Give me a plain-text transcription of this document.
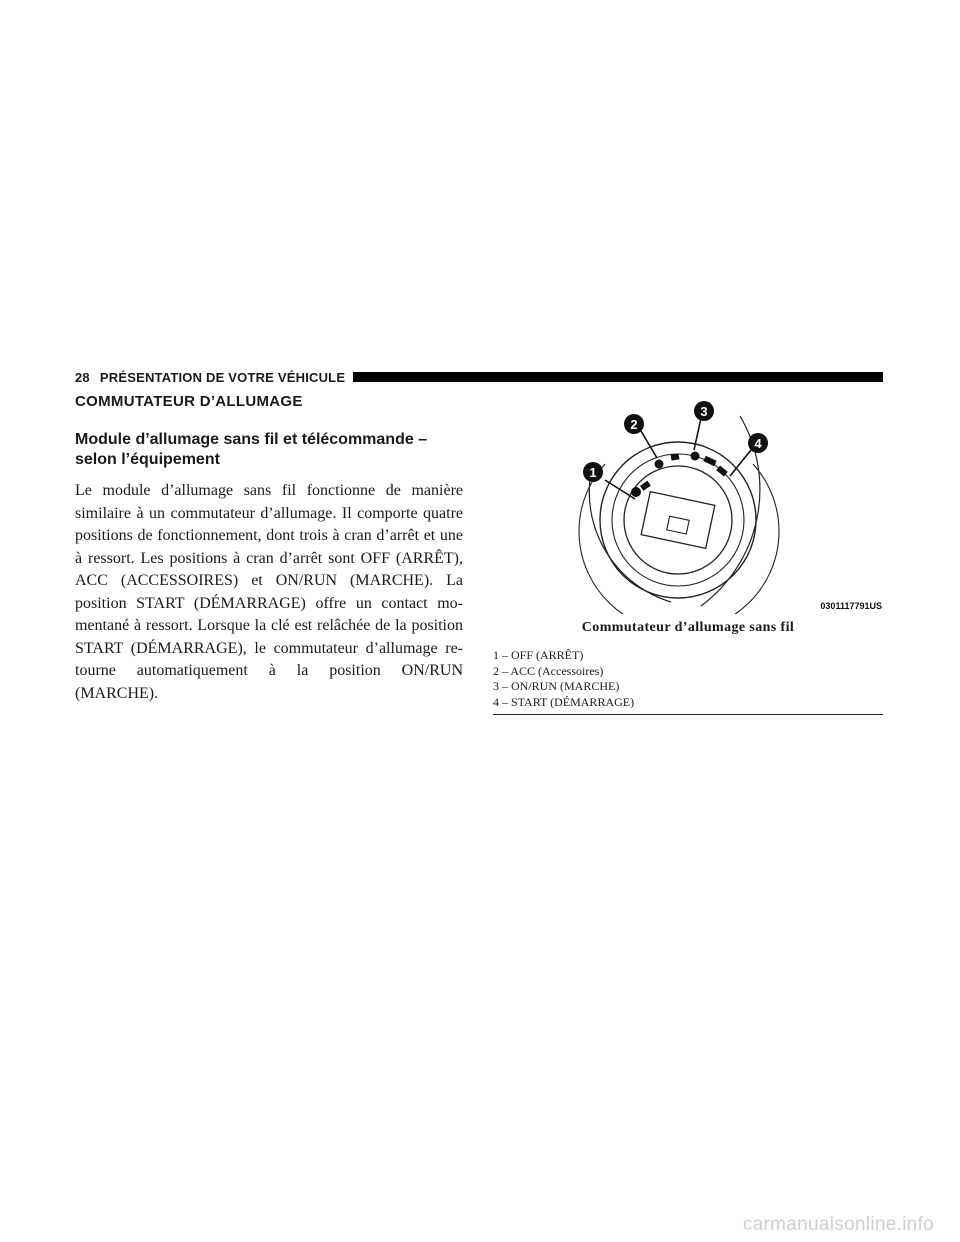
28 PRÉSENTATION DE VOTRE VÉHICULE
COMMUTATEUR D’ALLUMAGE
Module d’allumage sans fil et télécommande – selon l’équipement

Le module d’allumage sans fil fonctionne de manière similaire à un commutateur d’allumage. Il comporte quatre positions de fonctionnement, dont trois à cran d’arrêt et une à ressort. Les positions à cran d’arrêt sont OFF (ARRÊT), ACC (ACCESSOIRES) et ON/RUN (MARCHE). La position START (DÉMARRAGE) offre un contact mo-mentané à ressort. Lorsque la clé est relâchée de la position START (DÉMARRAGE), le commutateur d’allumage re-tourne automatiquement à la position ON/RUN (MARCHE).

1
2
3
4
0301117791US
Commutateur d’allumage sans fil
1 – OFF (ARRÊT)
2 – ACC (Accessoires)
3 – ON/RUN (MARCHE)
4 – START (DÉMARRAGE)
carmanualsonline.info
